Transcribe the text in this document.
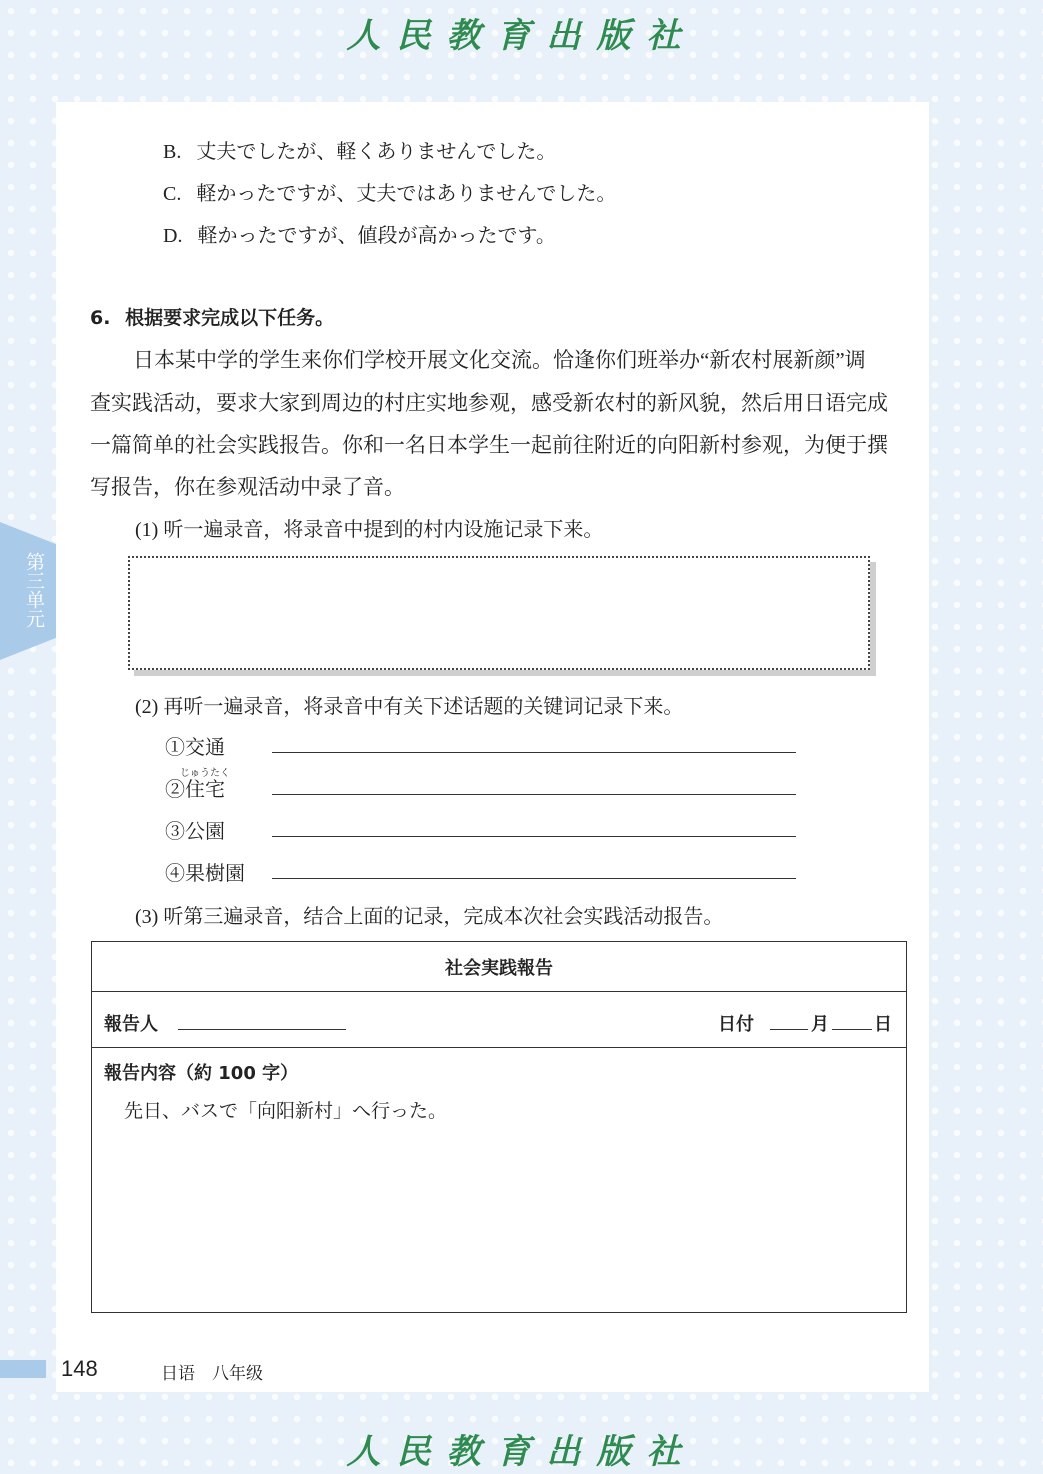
人民教育出版社
第三单元
B. 丈夫でしたが、軽くありませんでした。
C. 軽かったですが、丈夫ではありませんでした。
D. 軽かったですが、値段が高かったです。
6. 根据要求完成以下任务。
日本某中学的学生来你们学校开展文化交流。恰逢你们班举办“新农村展新颜”调
查实践活动，要求大家到周边的村庄实地参观，感受新农村的新风貌，然后用日语完成
一篇简单的社会实践报告。你和一名日本学生一起前往附近的向阳新村参观，为便于撰
写报告，你在参观活动中录了音。
(1) 听一遍录音，将录音中提到的村内设施记录下来。
(2) 再听一遍录音，将录音中有关下述话题的关键词记录下来。
①交通
じゅうたく
②住宅
③公園
④果樹園
(3) 听第三遍录音，结合上面的记录，完成本次社会实践活动报告。
社会実践報告
報告人	日付	月	日
報告内容（約 100 字）
先日、バスで「向阳新村」へ行った。
148	日语　八年级
人民教育出版社
